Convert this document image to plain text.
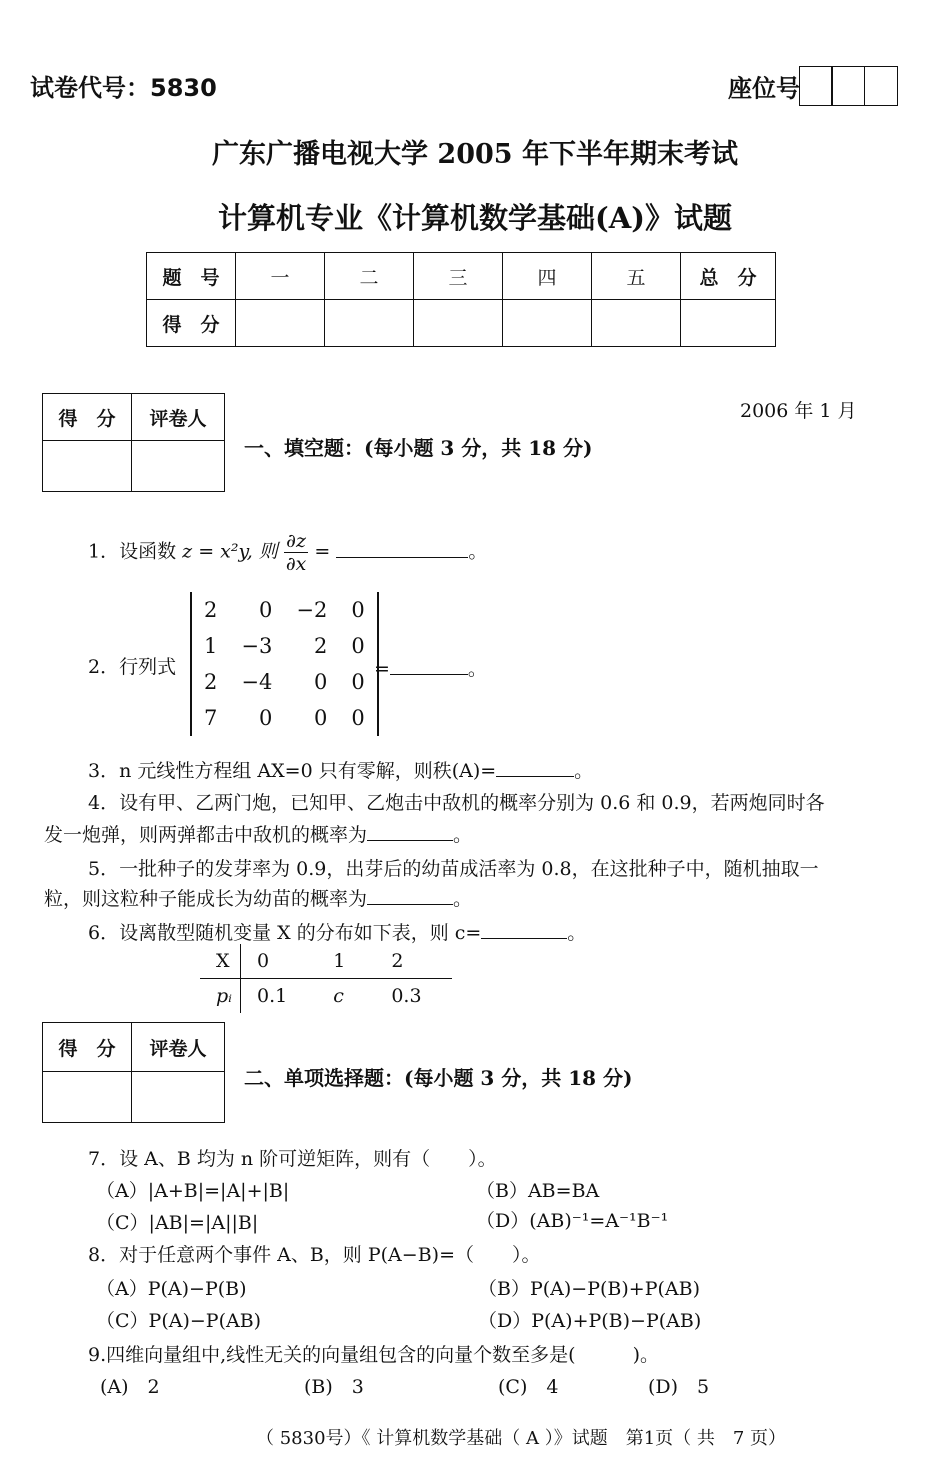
试卷代号：5830	座位号
广东广播电视大学 2005 年下半年期末考试
计算机专业《计算机数学基础(A)》试题
题　号	一	二	三	四	五	总　分
得　分						
2006 年 1 月
得　分	评卷人

一、填空题：(每小题 3 分，共 18 分)
1．设函数 z = x²y, 则 $\frac{\partial z}{\partial x}$ =	。
2．行列式
2	0	−2	0
1	−3	2	0
2	−4	0	0
7	0	0	0
=	。
3．n 元线性方程组 AX=0 只有零解，则秩(A)=	。
4．设有甲、乙两门炮，已知甲、乙炮击中敌机的概率分别为 0.6 和 0.9，若两炮同时各
发一炮弹，则两弹都击中敌机的概率为	。
5．一批种子的发芽率为 0.9，出芽后的幼苗成活率为 0.8，在这批种子中，随机抽取一
粒，则这粒种子能成长为幼苗的概率为	。
6．设离散型随机变量 X 的分布如下表，则 c=	。
X	0	1	2
pᵢ	0.1	c	0.3
得　分	评卷人

二、单项选择题：(每小题 3 分，共 18 分)
7．设 A、B 均为 n 阶可逆矩阵，则有（　　）。
（A）|A+B|=|A|+|B|	（B）AB=BA
（C）|AB|=|A||B|	（D）(AB)⁻¹=A⁻¹B⁻¹
8．对于任意两个事件 A、B，则 P(A−B)=（　　）。
（A）P(A)−P(B)	（B）P(A)−P(B)+P(AB)
（C）P(A)−P(AB)	（D）P(A)+P(B)−P(AB)
9.四维向量组中,线性无关的向量组包含的向量个数至多是(　　　)。
(A)　2	(B)　3	(C)　4	(D)　5
（ 5830号）《 计算机数学基础（ A ）》试题　第1页（ 共　7 页）
